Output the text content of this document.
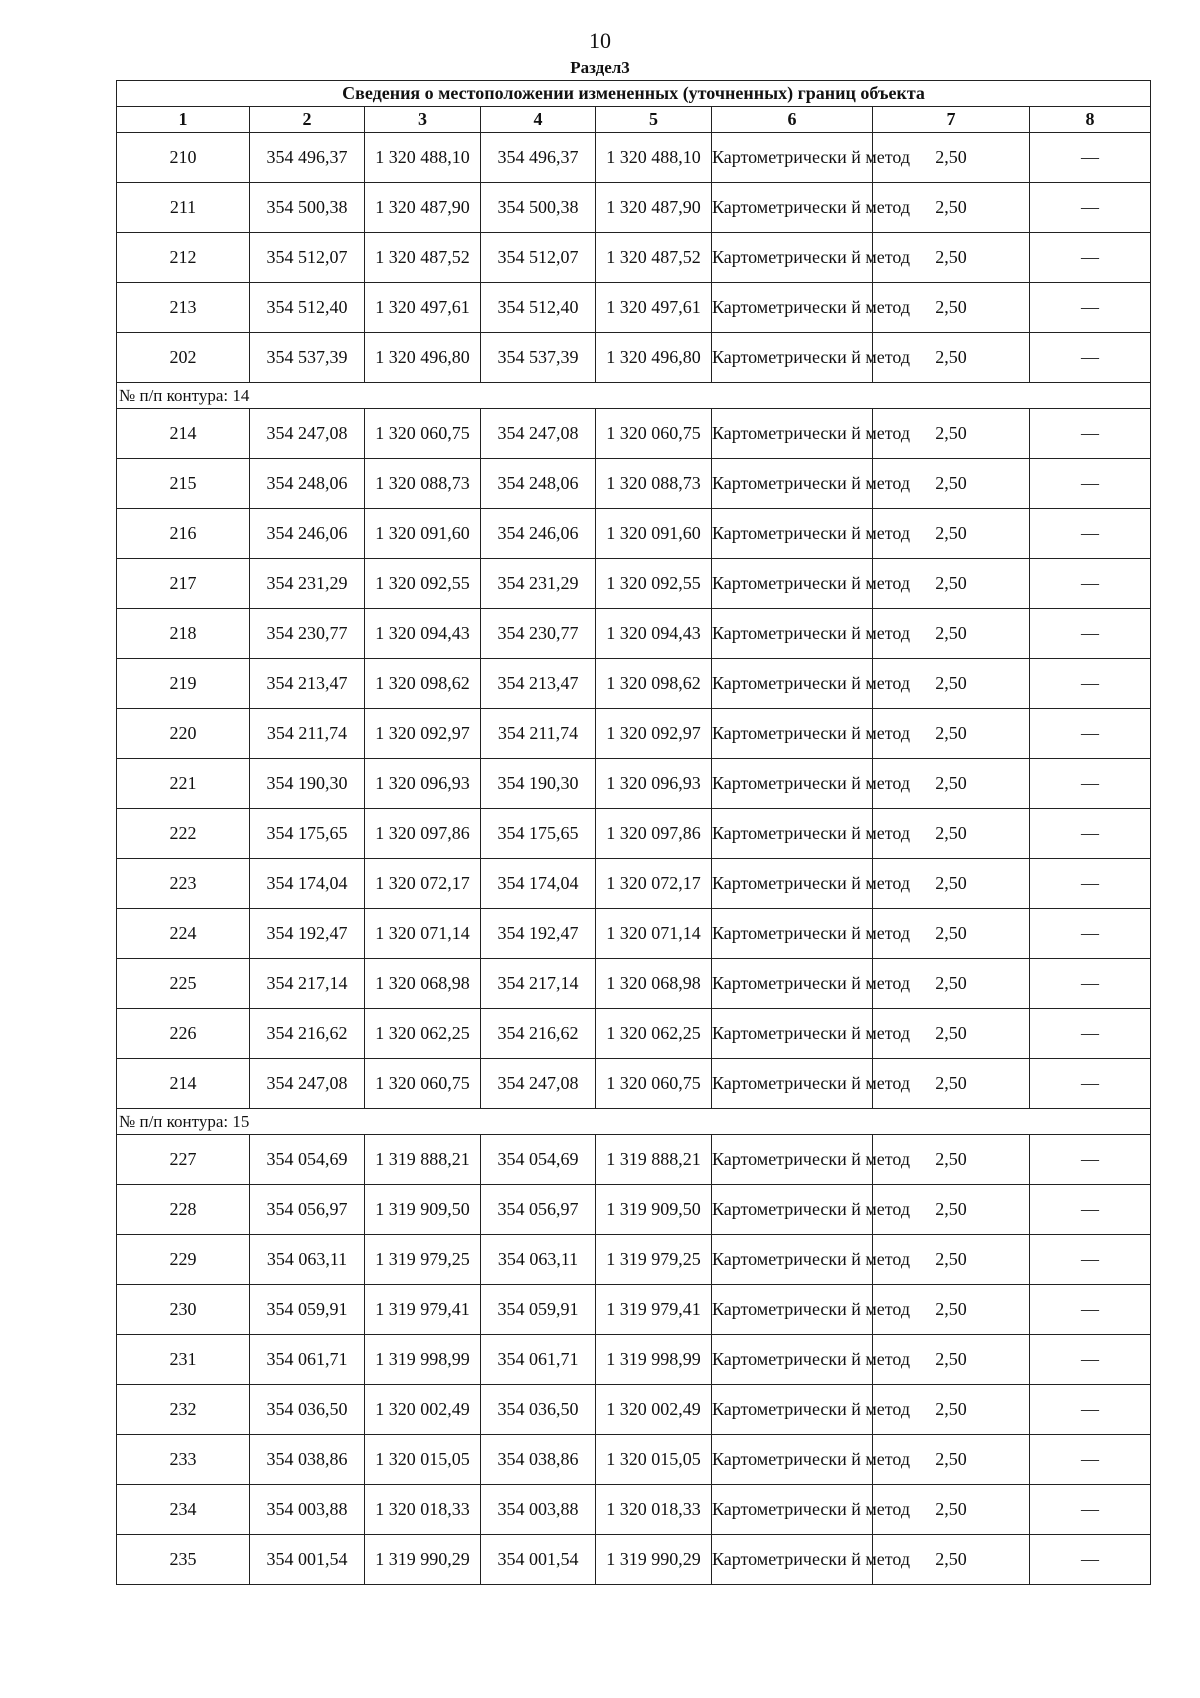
10
Раздел3
Сведения о местоположении измененных (уточненных) границ объекта							
1	2	3	4	5	6	7	8
210	354 496,37	1 320 488,10	354 496,37	1 320 488,10	Картометрически й метод	2,50	—
211	354 500,38	1 320 487,90	354 500,38	1 320 487,90	Картометрически й метод	2,50	—
212	354 512,07	1 320 487,52	354 512,07	1 320 487,52	Картометрически й метод	2,50	—
213	354 512,40	1 320 497,61	354 512,40	1 320 497,61	Картометрически й метод	2,50	—
202	354 537,39	1 320 496,80	354 537,39	1 320 496,80	Картометрически й метод	2,50	—
№ п/п контура: 14							
214	354 247,08	1 320 060,75	354 247,08	1 320 060,75	Картометрически й метод	2,50	—
215	354 248,06	1 320 088,73	354 248,06	1 320 088,73	Картометрически й метод	2,50	—
216	354 246,06	1 320 091,60	354 246,06	1 320 091,60	Картометрически й метод	2,50	—
217	354 231,29	1 320 092,55	354 231,29	1 320 092,55	Картометрически й метод	2,50	—
218	354 230,77	1 320 094,43	354 230,77	1 320 094,43	Картометрически й метод	2,50	—
219	354 213,47	1 320 098,62	354 213,47	1 320 098,62	Картометрически й метод	2,50	—
220	354 211,74	1 320 092,97	354 211,74	1 320 092,97	Картометрически й метод	2,50	—
221	354 190,30	1 320 096,93	354 190,30	1 320 096,93	Картометрически й метод	2,50	—
222	354 175,65	1 320 097,86	354 175,65	1 320 097,86	Картометрически й метод	2,50	—
223	354 174,04	1 320 072,17	354 174,04	1 320 072,17	Картометрически й метод	2,50	—
224	354 192,47	1 320 071,14	354 192,47	1 320 071,14	Картометрически й метод	2,50	—
225	354 217,14	1 320 068,98	354 217,14	1 320 068,98	Картометрически й метод	2,50	—
226	354 216,62	1 320 062,25	354 216,62	1 320 062,25	Картометрически й метод	2,50	—
214	354 247,08	1 320 060,75	354 247,08	1 320 060,75	Картометрически й метод	2,50	—
№ п/п контура: 15							
227	354 054,69	1 319 888,21	354 054,69	1 319 888,21	Картометрически й метод	2,50	—
228	354 056,97	1 319 909,50	354 056,97	1 319 909,50	Картометрически й метод	2,50	—
229	354 063,11	1 319 979,25	354 063,11	1 319 979,25	Картометрически й метод	2,50	—
230	354 059,91	1 319 979,41	354 059,91	1 319 979,41	Картометрически й метод	2,50	—
231	354 061,71	1 319 998,99	354 061,71	1 319 998,99	Картометрически й метод	2,50	—
232	354 036,50	1 320 002,49	354 036,50	1 320 002,49	Картометрически й метод	2,50	—
233	354 038,86	1 320 015,05	354 038,86	1 320 015,05	Картометрически й метод	2,50	—
234	354 003,88	1 320 018,33	354 003,88	1 320 018,33	Картометрически й метод	2,50	—
235	354 001,54	1 319 990,29	354 001,54	1 319 990,29	Картометрически й метод	2,50	—
